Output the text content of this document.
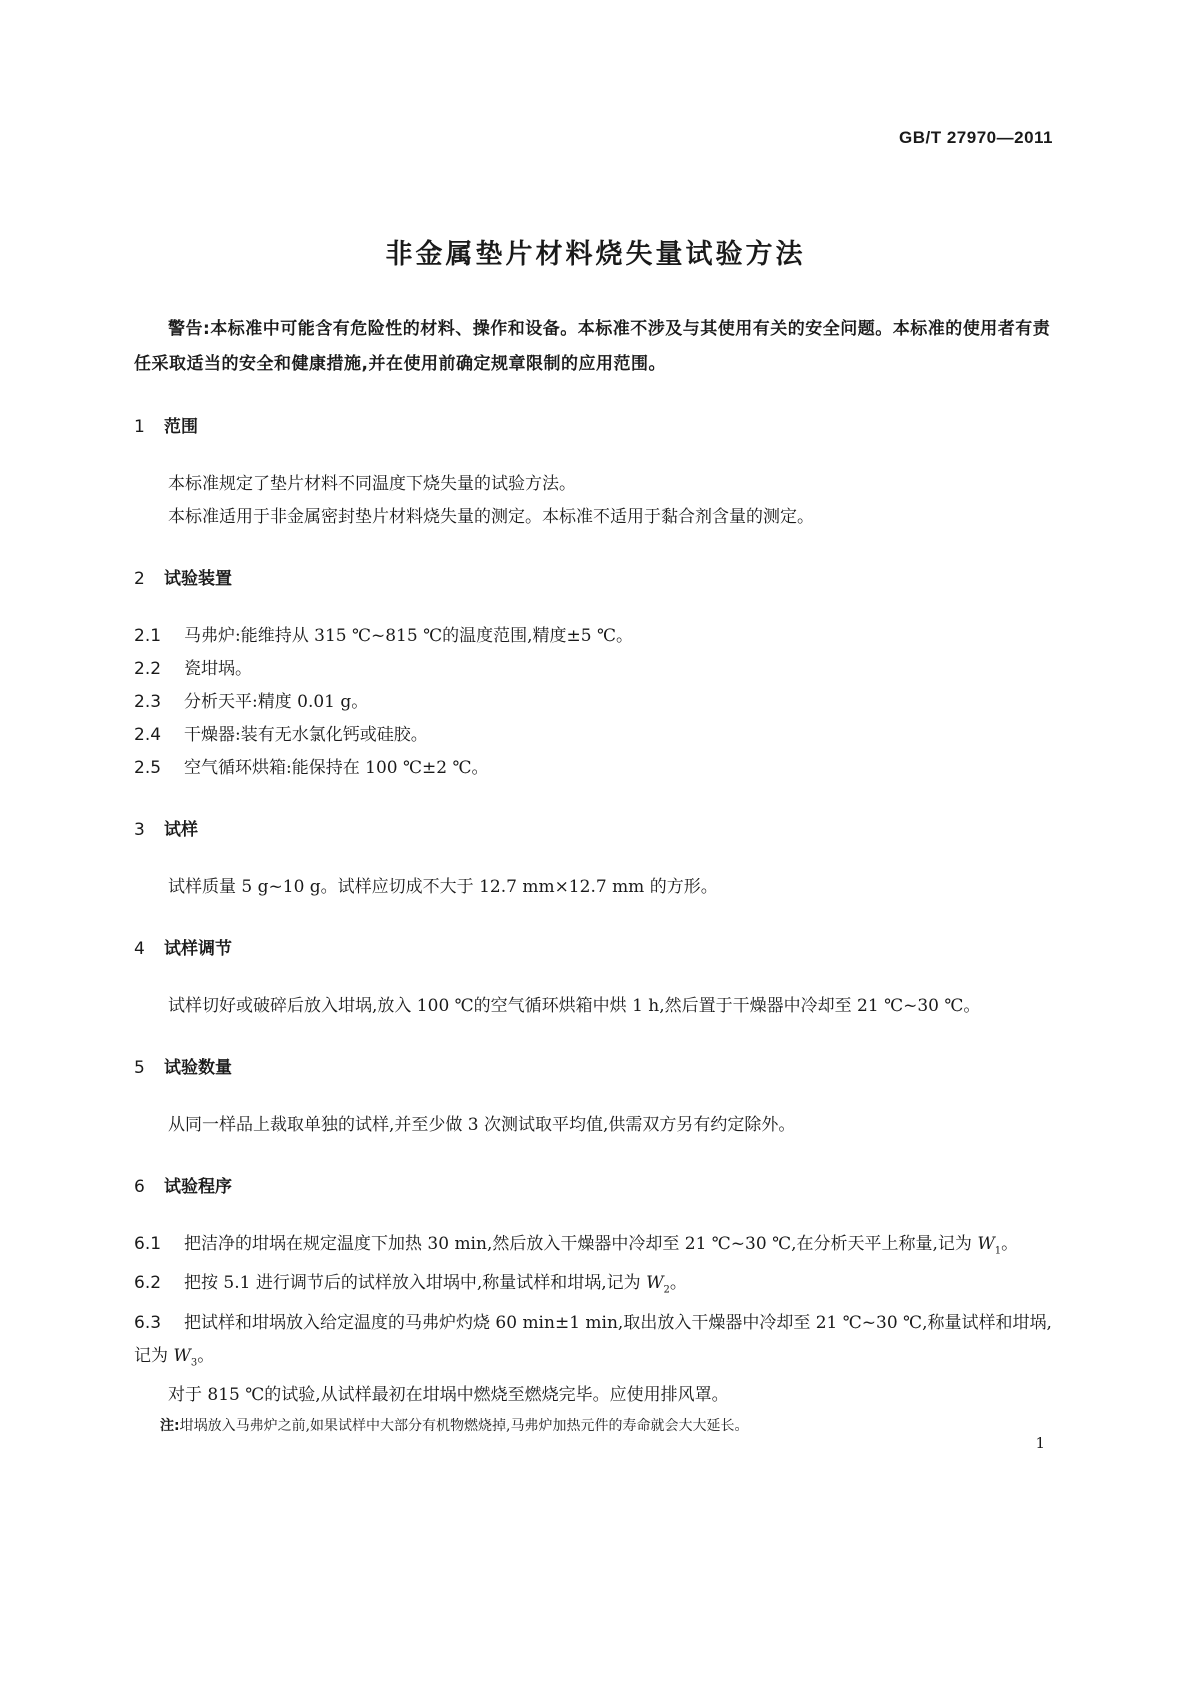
GB/T 27970—2011

非金属垫片材料烧失量试验方法

警告:本标准中可能含有危险性的材料、操作和设备。本标准不涉及与其使用有关的安全问题。本标准的使用者有责任采取适当的安全和健康措施,并在使用前确定规章限制的应用范围。

1 范围

本标准规定了垫片材料不同温度下烧失量的试验方法。

本标准适用于非金属密封垫片材料烧失量的测定。本标准不适用于黏合剂含量的测定。

2 试验装置

2.1 马弗炉:能维持从 315 ℃~815 ℃的温度范围,精度±5 ℃。

2.2 瓷坩埚。

2.3 分析天平:精度 0.01 g。

2.4 干燥器:装有无水氯化钙或硅胶。

2.5 空气循环烘箱:能保持在 100 ℃±2 ℃。

3 试样

试样质量 5 g~10 g。试样应切成不大于 12.7 mm×12.7 mm 的方形。

4 试样调节

试样切好或破碎后放入坩埚,放入 100 ℃的空气循环烘箱中烘 1 h,然后置于干燥器中冷却至 21 ℃~30 ℃。

5 试验数量

从同一样品上裁取单独的试样,并至少做 3 次测试取平均值,供需双方另有约定除外。

6 试验程序

6.1 把洁净的坩埚在规定温度下加热 30 min,然后放入干燥器中冷却至 21 ℃~30 ℃,在分析天平上称量,记为 $W_1$。

6.2 把按 5.1 进行调节后的试样放入坩埚中,称量试样和坩埚,记为 $W_2$。

6.3 把试样和坩埚放入给定温度的马弗炉灼烧 60 min±1 min,取出放入干燥器中冷却至 21 ℃~30 ℃,称量试样和坩埚,记为 $W_3$。

对于 815 ℃的试验,从试样最初在坩埚中燃烧至燃烧完毕。应使用排风罩。

注:坩埚放入马弗炉之前,如果试样中大部分有机物燃烧掉,马弗炉加热元件的寿命就会大大延长。

1
